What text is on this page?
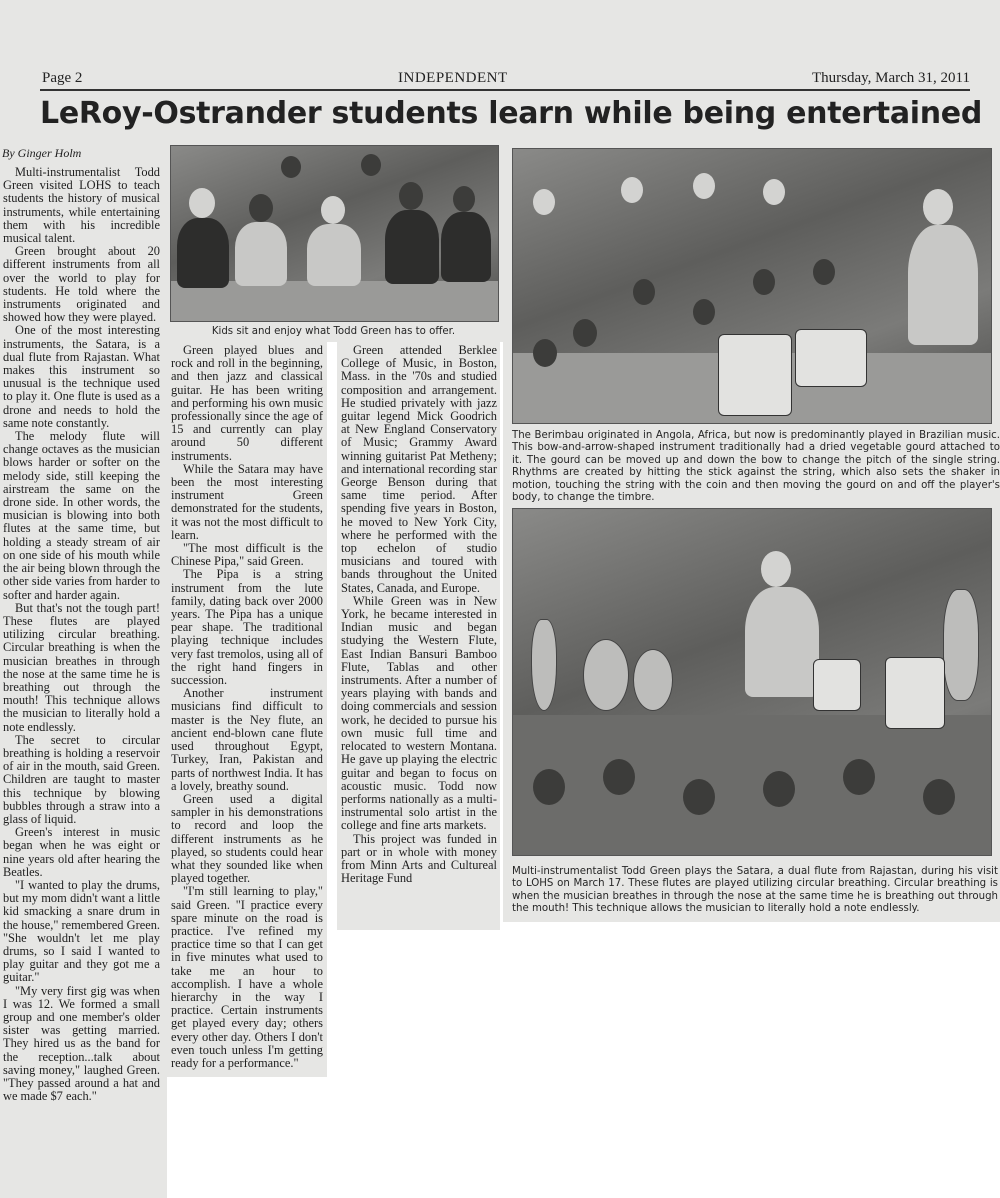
Page 2	INDEPENDENT	Thursday, March 31, 2011
LeRoy-Ostrander students learn while being entertained
By Ginger Holm
Kids sit and enjoy what Todd Green has to offer.
The Berimbau originated in Angola, Africa, but now is predominantly played in Brazilian music. This bow-and-arrow-shaped instrument traditionally had a dried vegetable gourd attached to it. The gourd can be moved up and down the bow to change the pitch of the single string. Rhythms are created by hitting the stick against the string, which also sets the shaker in motion, touching the string with the coin and then moving the gourd on and off the player's body, to change the timbre.
Multi-instrumentalist Todd Green plays the Satara, a dual flute from Rajastan, during his visit to LOHS on March 17. These flutes are played utilizing circular breathing. Circular breathing is when the musician breathes in through the nose at the same time he is breathing out through the mouth! This technique allows the musician to literally hold a note endlessly.

Multi-instrumentalist Todd Green visited LOHS to teach students the history of musical instruments, while entertaining them with his incredible musical talent.

Green brought about 20 different instruments from all over the world to play for students. He told where the instruments originated and showed how they were played.

One of the most interesting instruments, the Satara, is a dual flute from Rajastan. What makes this instrument so unusual is the technique used to play it. One flute is used as a drone and needs to hold the same note constantly.

The melody flute will change octaves as the musician blows harder or softer on the melody side, still keeping the airstream the same on the drone side. In other words, the musician is blowing into both flutes at the same time, but holding a steady stream of air on one side of his mouth while the air being blown through the other side varies from harder to softer and harder again.

But that's not the tough part! These flutes are played utilizing circular breathing. Circular breathing is when the musician breathes in through the nose at the same time he is breathing out through the mouth! This technique allows the musician to literally hold a note endlessly.

The secret to circular breathing is holding a reservoir of air in the mouth, said Green. Children are taught to master this technique by blowing bubbles through a straw into a glass of liquid.

Green's interest in music began when he was eight or nine years old after hearing the Beatles.

"I wanted to play the drums, but my mom didn't want a little kid smacking a snare drum in the house," remembered Green. "She wouldn't let me play drums, so I said I wanted to play guitar and they got me a guitar."

"My very first gig was when I was 12. We formed a small group and one member's older sister was getting married. They hired us as the band for the reception...talk about saving money," laughed Green. "They passed around a hat and we made $7 each."

Green played blues and rock and roll in the beginning, and then jazz and classical guitar. He has been writing and performing his own music professionally since the age of 15 and currently can play around 50 different instruments.

While the Satara may have been the most interesting instrument Green demonstrated for the students, it was not the most difficult to learn.

"The most difficult is the Chinese Pipa," said Green.

The Pipa is a string instrument from the lute family, dating back over 2000 years. The Pipa has a unique pear shape. The traditional playing technique includes very fast tremolos, using all of the right hand fingers in succession.

Another instrument musicians find difficult to master is the Ney flute, an ancient end-blown cane flute used throughout Egypt, Turkey, Iran, Pakistan and parts of northwest India. It has a lovely, breathy sound.

Green used a digital sampler in his demonstrations to record and loop the different instruments as he played, so students could hear what they sounded like when played together.

"I'm still learning to play," said Green. "I practice every spare minute on the road is practice. I've refined my practice time so that I can get in five minutes what used to take me an hour to accomplish. I have a whole hierarchy in the way I practice. Certain instruments get played every day; others every other day. Others I don't even touch unless I'm getting ready for a performance."

Green attended Berklee College of Music, in Boston, Mass. in the '70s and studied composition and arrangement. He studied privately with jazz guitar legend Mick Goodrich at New England Conservatory of Music; Grammy Award winning guitarist Pat Metheny; and international recording star George Benson during that same time period. After spending five years in Boston, he moved to New York City, where he performed with the top echelon of studio musicians and toured with bands throughout the United States, Canada, and Europe.

While Green was in New York, he became interested in Indian music and began studying the Western Flute, East Indian Bansuri Bamboo Flute, Tablas and other instruments. After a number of years playing with bands and doing commercials and session work, he decided to pursue his own music full time and relocated to western Montana. He gave up playing the electric guitar and began to focus on acoustic music. Todd now performs nationally as a multi-instrumental solo artist in the college and fine arts markets.

This project was funded in part or in whole with money from Minn Arts and Cultureal Heritage Fund
